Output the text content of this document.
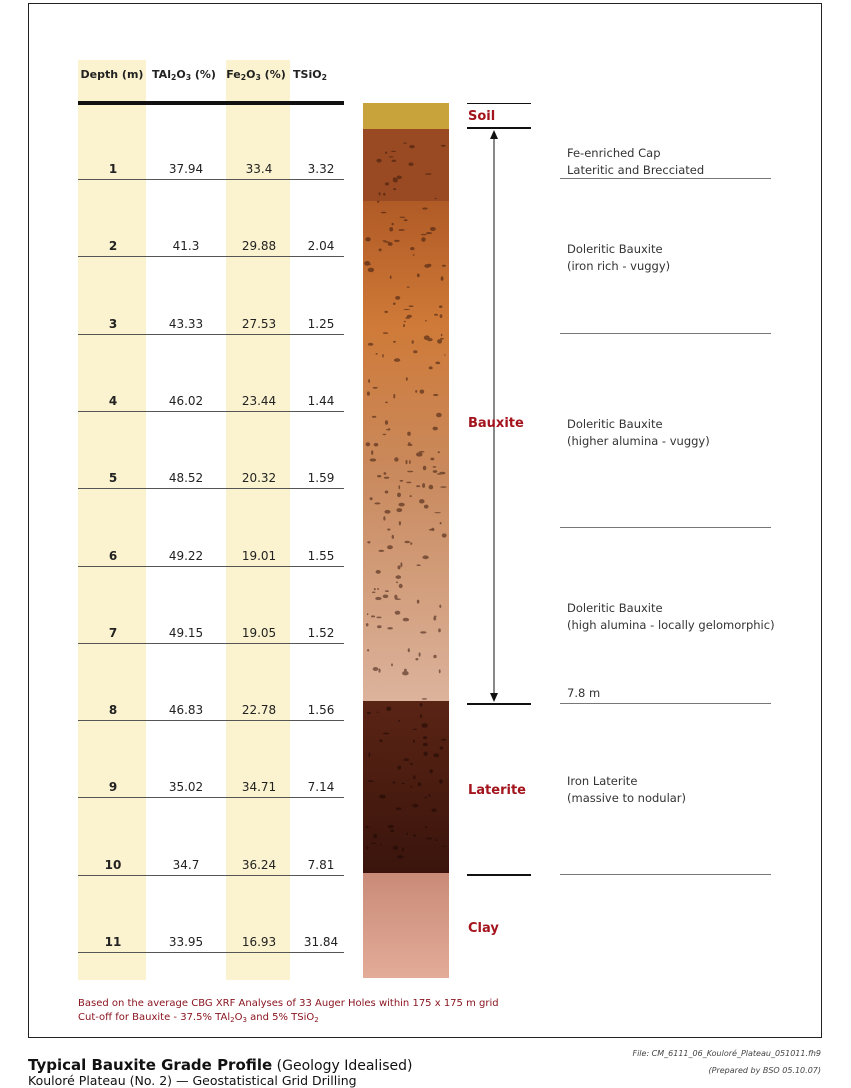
Depth (m) $TAl_2O_3$ (%) $Fe_2O_3$ (%) TSiO$_2$
1	37.94	33.4	3.32
2	41.3	29.88	2.04
3	43.33	27.53	1.25
4	46.02	23.44	1.44
5	48.52	20.32	1.59
6	49.22	19.01	1.55
7	49.15	19.05	1.52
8	46.83	22.78	1.56
9	35.02	34.71	7.14
10	34.7	36.24	7.81
11	33.95	16.93	31.84
Soil
Bauxite
Laterite
Clay
Fe-enriched Cap
Lateritic and Brecciated
Doleritic Bauxite
(iron rich - vuggy)
Doleritic Bauxite
(higher alumina - vuggy)
Doleritic Bauxite
(high alumina - locally gelomorphic)
7.8 m
Iron Laterite
(massive to nodular)
Based on the average CBG XRF Analyses of 33 Auger Holes within 175 x 175 m grid
Cut-off for Bauxite - 37.5% $TAl_2O_3$ and 5% TSiO$_2$
Typical Bauxite Grade Profile (Geology Idealised)
Kouloré Plateau (No. 2) — Geostatistical Grid Drilling
File: CM_6111_06_Kouloré_Plateau_051011.fh9
(Prepared by BSO 05.10.07)
